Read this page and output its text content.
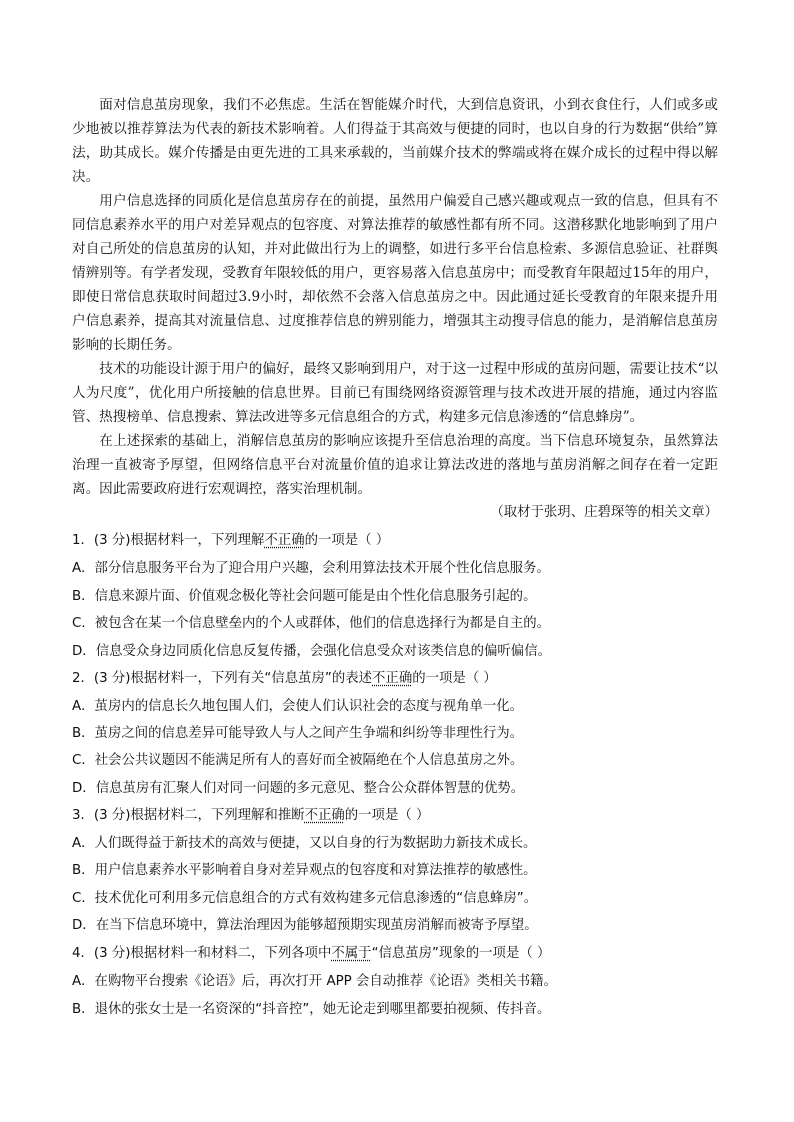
面对信息茧房现象，我们不必焦虑。生活在智能媒介时代，大到信息资讯，小到衣食住行，人们或多或少地被以推荐算法为代表的新技术影响着。人们得益于其高效与便捷的同时，也以自身的行为数据“供给”算法，助其成长。媒介传播是由更先进的工具来承载的，当前媒介技术的弊端或将在媒介成长的过程中得以解决。

用户信息选择的同质化是信息茧房存在的前提，虽然用户偏爱自己感兴趣或观点一致的信息，但具有不同信息素养水平的用户对差异观点的包容度、对算法推荐的敏感性都有所不同。这潜移默化地影响到了用户对自己所处的信息茧房的认知，并对此做出行为上的调整，如进行多平台信息检索、多源信息验证、社群舆情辨别等。有学者发现，受教育年限较低的用户，更容易落入信息茧房中；而受教育年限超过15年的用户，即使日常信息获取时间超过3.9小时，却依然不会落入信息茧房之中。因此通过延长受教育的年限来提升用户信息素养，提高其对流量信息、过度推荐信息的辨别能力，增强其主动搜寻信息的能力，是消解信息茧房影响的长期任务。

技术的功能设计源于用户的偏好，最终又影响到用户，对于这一过程中形成的茧房问题，需要让技术“以人为尺度”，优化用户所接触的信息世界。目前已有围绕网络资源管理与技术改进开展的措施，通过内容监管、热搜榜单、信息搜索、算法改进等多元信息组合的方式，构建多元信息渗透的“信息蜂房”。

在上述探索的基础上，消解信息茧房的影响应该提升至信息治理的高度。当下信息环境复杂，虽然算法治理一直被寄予厚望，但网络信息平台对流量价值的追求让算法改进的落地与茧房消解之间存在着一定距离。因此需要政府进行宏观调控，落实治理机制。

（取材于张玥、庄碧琛等的相关文章）
1．(3 分)根据材料一，下列理解不正确的一项是（ ）
A．部分信息服务平台为了迎合用户兴趣，会利用算法技术开展个性化信息服务。
B．信息来源片面、价值观念极化等社会问题可能是由个性化信息服务引起的。
C．被包含在某一个信息壁垒内的个人或群体，他们的信息选择行为都是自主的。
D．信息受众身边同质化信息反复传播，会强化信息受众对该类信息的偏听偏信。
2．(3 分)根据材料一，下列有关“信息茧房”的表述不正确的一项是（ ）
A．茧房内的信息长久地包围人们，会使人们认识社会的态度与视角单一化。
B．茧房之间的信息差异可能导致人与人之间产生争端和纠纷等非理性行为。
C．社会公共议题因不能满足所有人的喜好而全被隔绝在个人信息茧房之外。
D．信息茧房有汇聚人们对同一问题的多元意见、整合公众群体智慧的优势。
3．(3 分)根据材料二，下列理解和推断不正确的一项是（ ）
A．人们既得益于新技术的高效与便捷，又以自身的行为数据助力新技术成长。
B．用户信息素养水平影响着自身对差异观点的包容度和对算法推荐的敏感性。
C．技术优化可利用多元信息组合的方式有效构建多元信息渗透的“信息蜂房”。
D．在当下信息环境中，算法治理因为能够超预期实现茧房消解而被寄予厚望。
4．(3 分)根据材料一和材料二，下列各项中不属于“信息茧房”现象的一项是（ ）
A．在购物平台搜索《论语》后，再次打开 APP 会自动推荐《论语》类相关书籍。
B．退休的张女士是一名资深的“抖音控”，她无论走到哪里都要拍视频、传抖音。
